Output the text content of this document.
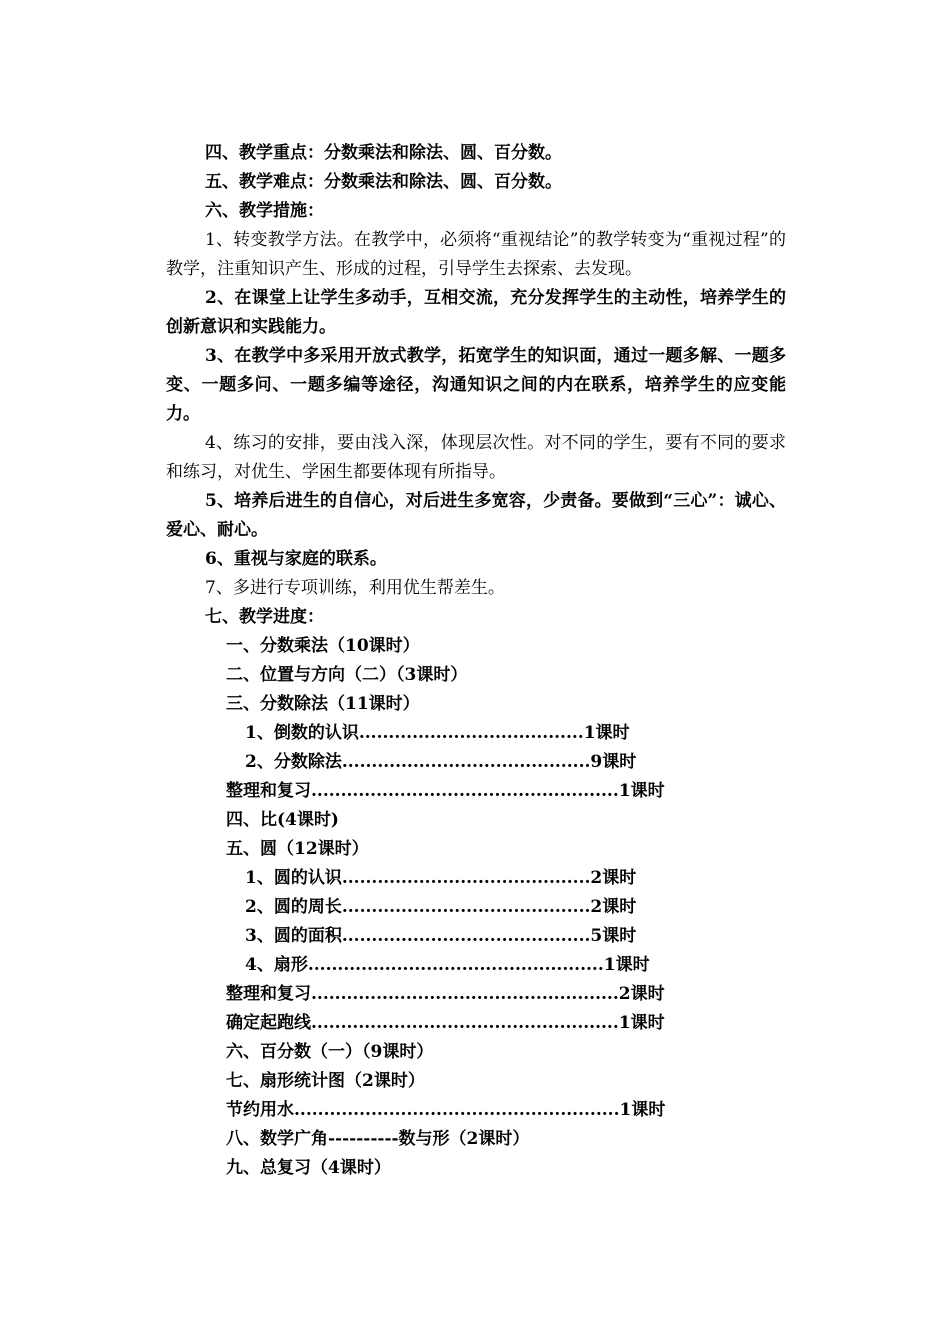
四、教学重点：分数乘法和除法、圆、百分数。
五、教学难点：分数乘法和除法、圆、百分数。
六、教学措施：
1、转变教学方法。在教学中，必须将“重视结论”的教学转变为“重视过程”的教学，注重知识产生、形成的过程，引导学生去探索、去发现。
2、在课堂上让学生多动手，互相交流，充分发挥学生的主动性，培养学生的创新意识和实践能力。
3、在教学中多采用开放式教学，拓宽学生的知识面，通过一题多解、一题多变、一题多问、一题多编等途径，沟通知识之间的内在联系，培养学生的应变能力。
4、练习的安排，要由浅入深，体现层次性。对不同的学生，要有不同的要求和练习，对优生、学困生都要体现有所指导。
5、培养后进生的自信心，对后进生多宽容，少责备。要做到“三心”：诚心、爱心、耐心。
6、重视与家庭的联系。
7、多进行专项训练，利用优生帮差生。
七、教学进度：
一、分数乘法（10课时）
二、位置与方向（二）（3课时）
三、分数除法（11课时）
1、倒数的认识......................................1课时
2、分数除法..........................................9课时
整理和复习....................................................1课时
四、比(4课时)
五、圆（12课时）
1、圆的认识..........................................2课时
2、圆的周长..........................................2课时
3、圆的面积..........................................5课时
4、扇形..................................................1课时
整理和复习....................................................2课时
确定起跑线....................................................1课时
六、百分数（一）（9课时）
七、扇形统计图（2课时）
节约用水.......................................................1课时
八、数学广角----------数与形（2课时）
九、总复习（4课时）
